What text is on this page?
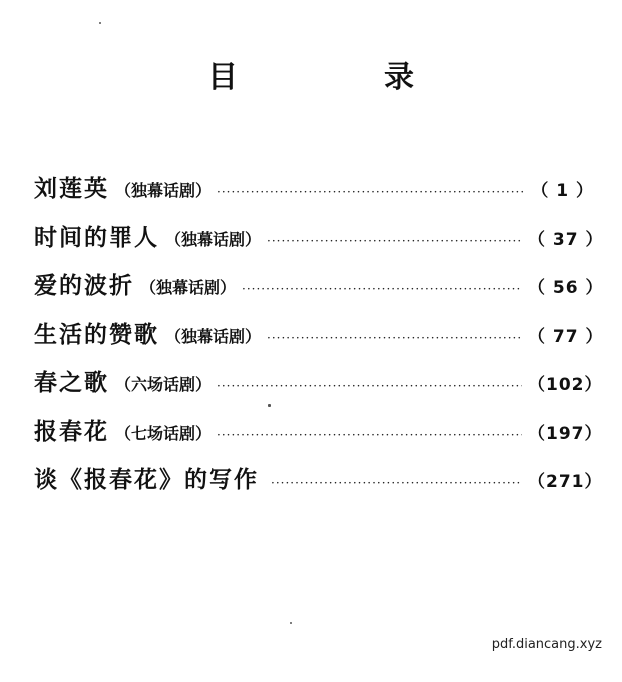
目　录
刘莲英 （独幕话剧） ·····	（ 1 ）
时间的罪人 （独幕话剧） ·····	（ 37 ）
爱的波折 （独幕话剧） ·····	（ 56 ）
生活的赞歌 （独幕话剧） ·····	（ 77 ）
春之歌 （六场话剧） ·····	（102）
报春花 （七场话剧） ·····	（197）
谈《报春花》的写作 ·····	（271）
pdf.diancang.xyz
